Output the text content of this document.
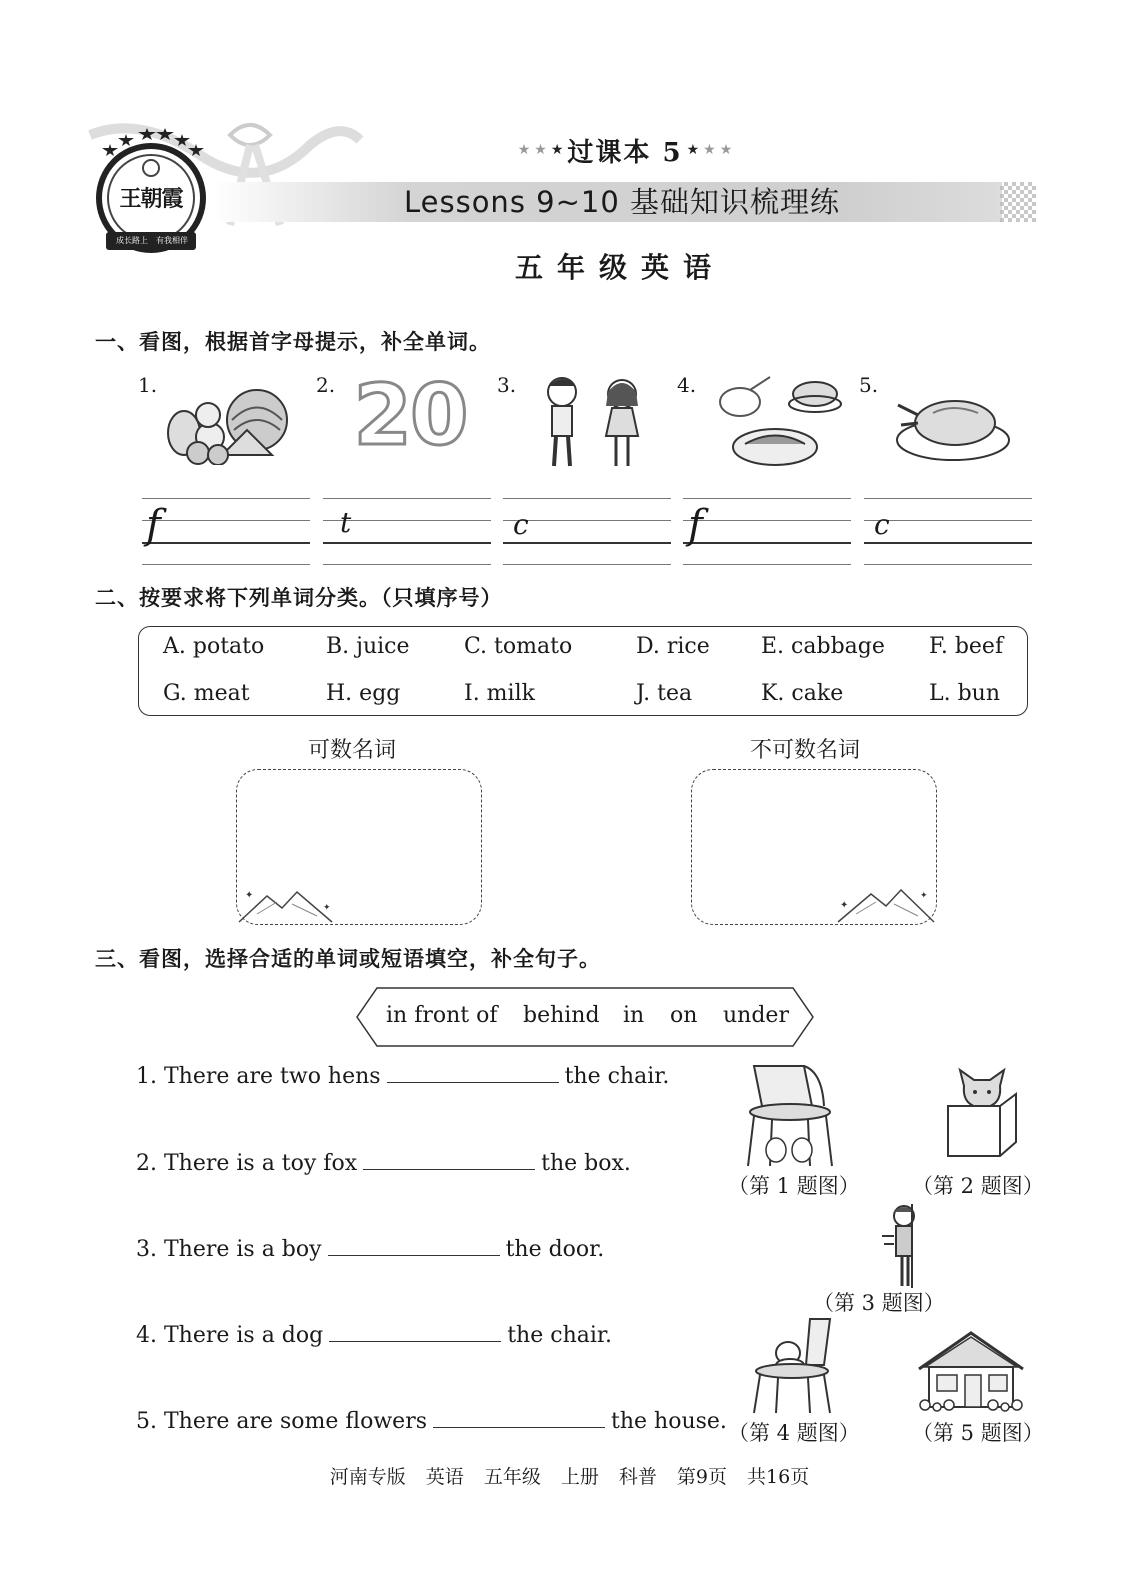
王朝霞
成长路上	有我相伴
★ ★ ★ 过课本 5 ★ ★ ★
Lessons 9~10 基础知识梳理练
五年级英语
一、看图，根据首字母提示，补全单词。
1.	2.	3.	4.	5.
20
f	t	c	f	c
二、按要求将下列单词分类。（只填序号）
A. potato	B. juice C. tomato	D. rice E. cabbage F. beef
G. meat	H. egg	I. milk	J. tea	K. cake	L. bun
可数名词	不可数名词
✦
✦	✦
✦
三、看图，选择合适的单词或短语填空，补全句子。
in front of behind in on under
1. There are two hens	the chair.
2. There is a toy fox	the box.
3. There is a boy	the door.
4. There is a dog	the chair.
5. There are some flowers	the house.
（第 1 题图） （第 2 题图）
（第 3 题图）
（第 4 题图） （第 5 题图）
河南专版 英语 五年级 上册 科普 第9页 共16页
